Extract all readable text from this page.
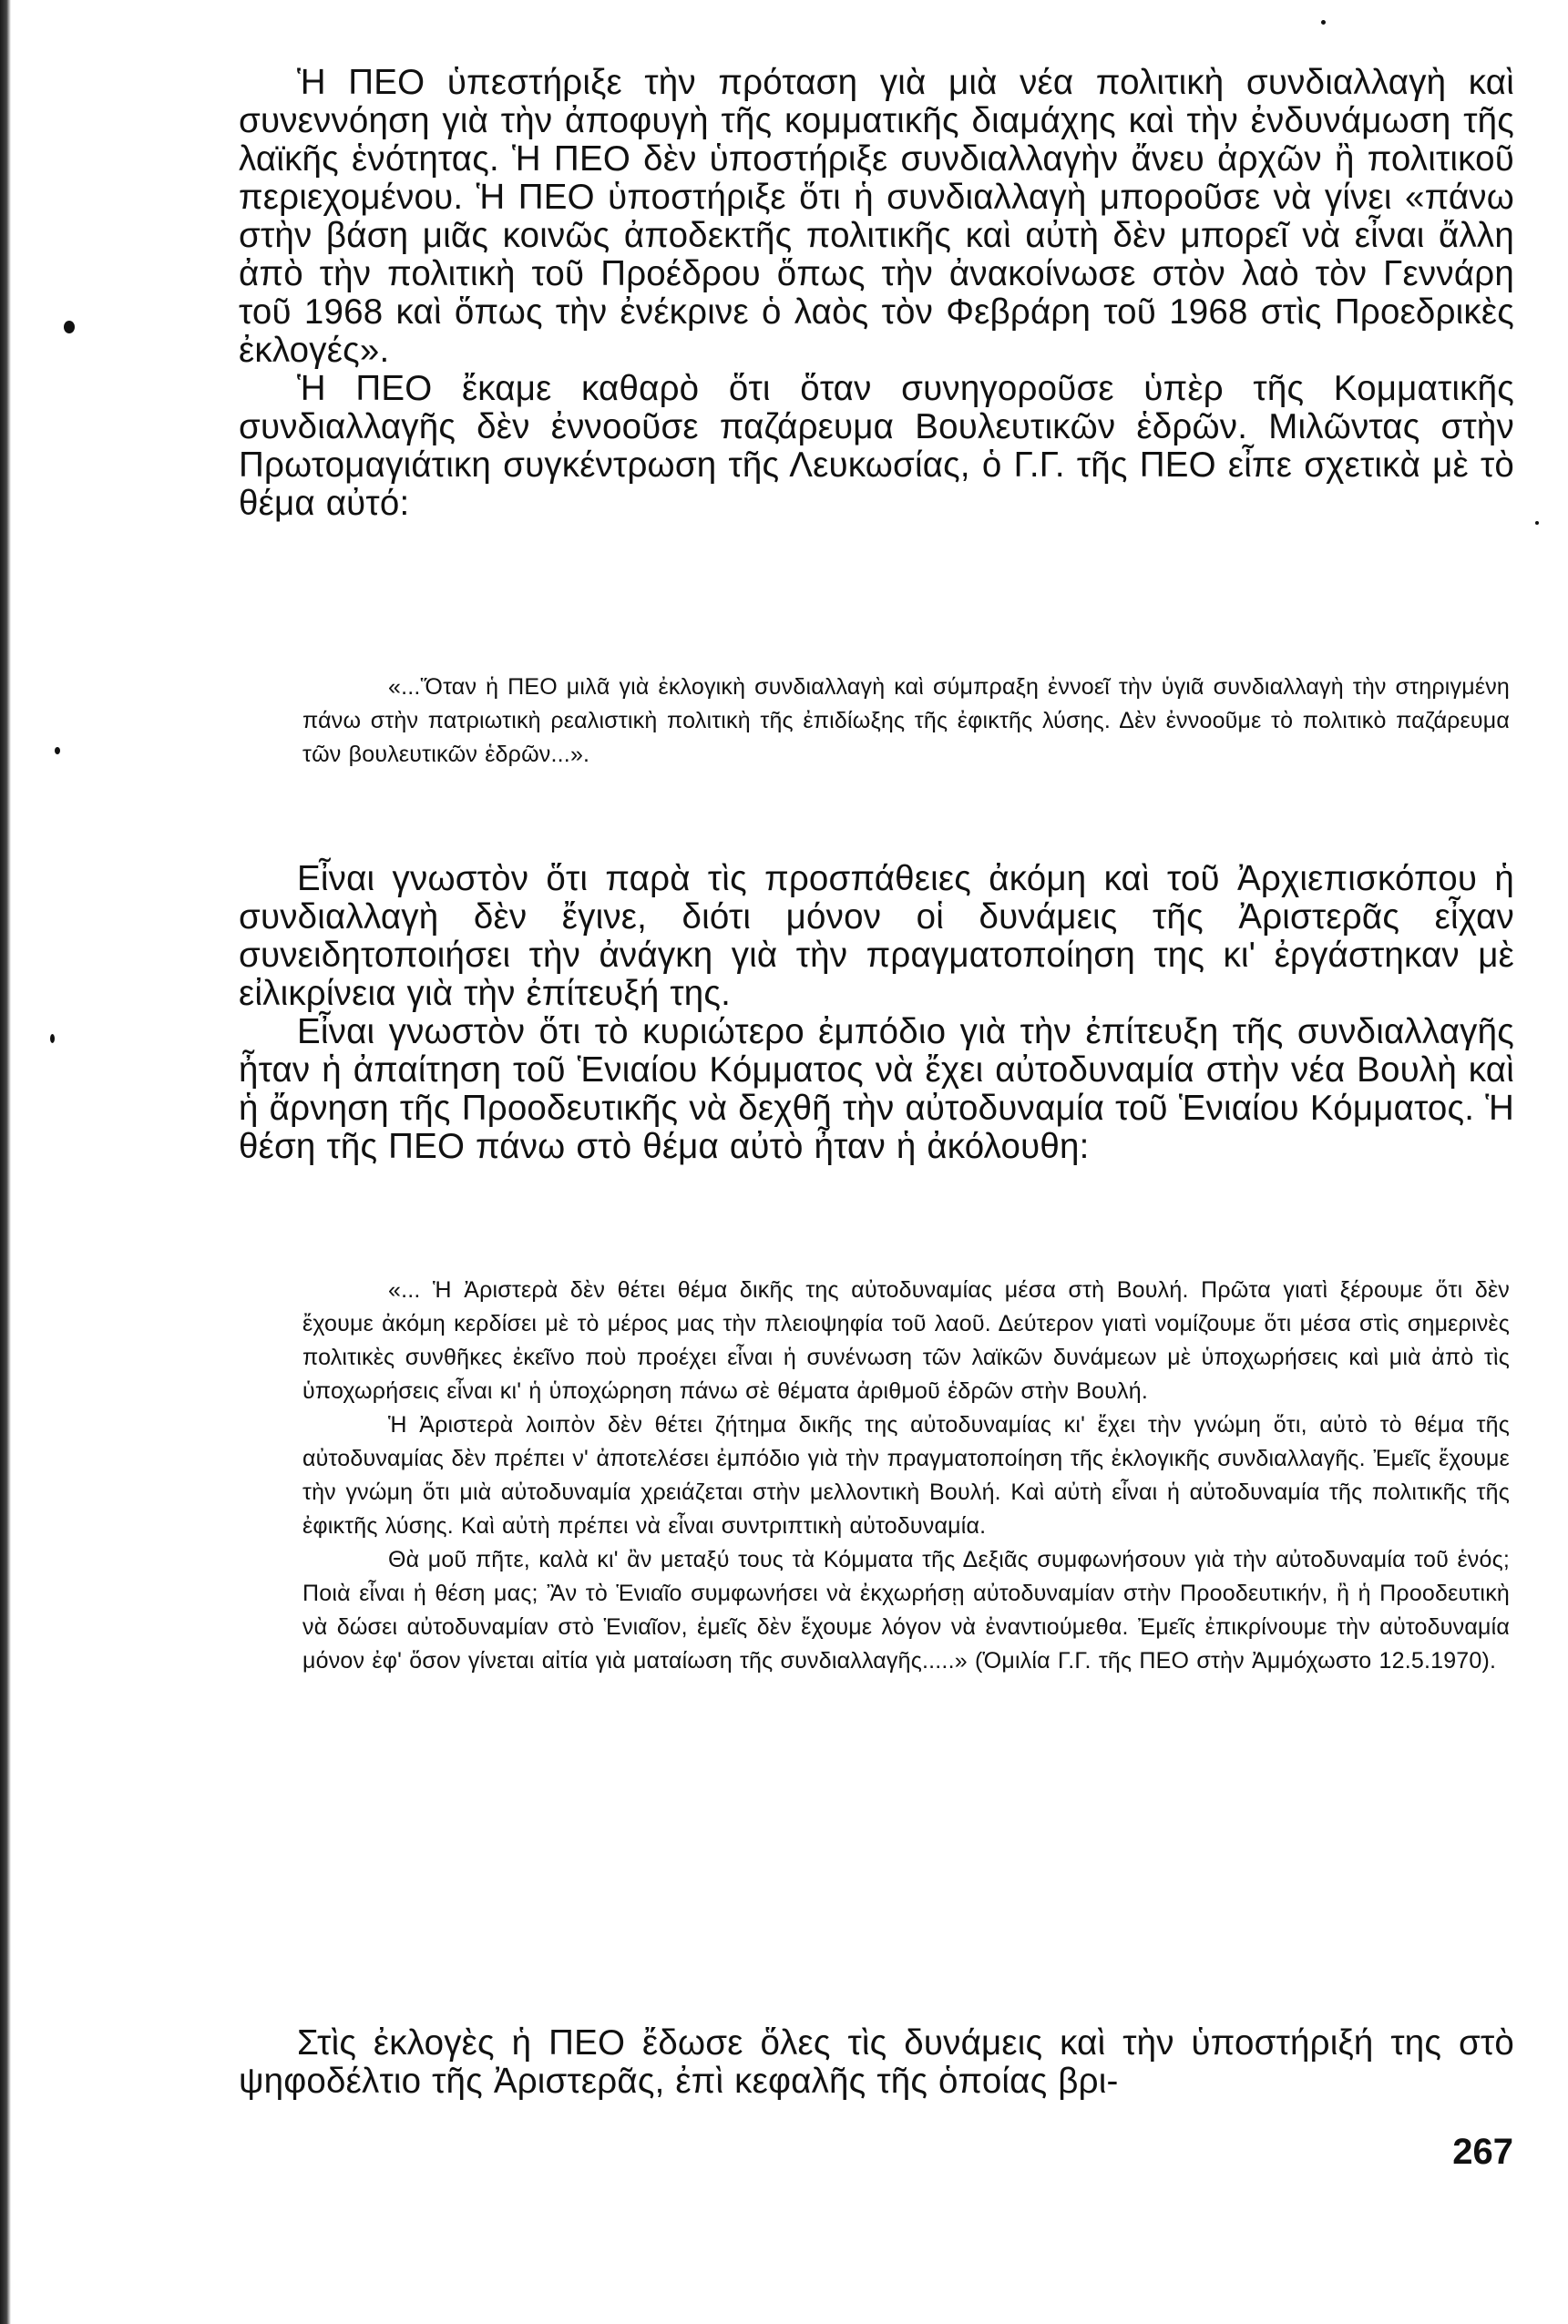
Ἡ ΠΕΟ ὑπεστήριξε τὴν πρόταση γιὰ μιὰ νέα πολιτικὴ συνδιαλλαγὴ καὶ συνεννόηση γιὰ τὴν ἀποφυγὴ τῆς κομματικῆς διαμάχης καὶ τὴν ἐνδυνάμωση τῆς λαϊκῆς ἑνότητας. Ἡ ΠΕΟ δὲν ὑποστήριξε συνδιαλλαγὴν ἄνευ ἀρχῶν ἢ πολιτικοῦ περιεχομένου. Ἡ ΠΕΟ ὑποστήριξε ὅτι ἡ συνδιαλλαγὴ μποροῦσε νὰ γίνει «πάνω στὴν βάση μιᾶς κοινῶς ἀποδεκτῆς πολιτικῆς καὶ αὐτὴ δὲν μπορεῖ νὰ εἶναι ἄλλη ἀπὸ τὴν πολιτικὴ τοῦ Προέδρου ὅπως τὴν ἀνακοίνωσε στὸν λαὸ τὸν Γεννάρη τοῦ 1968 καὶ ὅπως τὴν ἐνέκρινε ὁ λαὸς τὸν Φεβράρη τοῦ 1968 στὶς Προεδρικὲς ἐκλογές».

Ἡ ΠΕΟ ἔκαμε καθαρὸ ὅτι ὅταν συνηγοροῦσε ὑπὲρ τῆς Κομματικῆς συνδιαλλαγῆς δὲν ἐννοοῦσε παζάρευμα Βουλευτικῶν ἑδρῶν. Μιλῶντας στὴν Πρωτομαγιάτικη συγκέντρωση τῆς Λευκωσίας, ὁ Γ.Γ. τῆς ΠΕΟ εἶπε σχετικὰ μὲ τὸ θέμα αὐτό:

«...Ὅταν ἡ ΠΕΟ μιλᾶ γιὰ ἐκλογικὴ συνδιαλλαγὴ καὶ σύμπραξη ἐννοεῖ τὴν ὑγιᾶ συνδιαλλαγὴ τὴν στηριγμένη πάνω στὴν πατριωτικὴ ρεαλιστικὴ πολιτικὴ τῆς ἐπιδίωξης τῆς ἐφικτῆς λύσης. Δὲν ἐννοοῦμε τὸ πολιτικὸ παζάρευμα τῶν βουλευτικῶν ἑδρῶν...».

Εἶναι γνωστὸν ὅτι παρὰ τὶς προσπάθειες ἀκόμη καὶ τοῦ Ἀρχιεπισκόπου ἡ συνδιαλλαγὴ δὲν ἔγινε, διότι μόνον οἱ δυνάμεις τῆς Ἀριστερᾶς εἶχαν συνειδητοποιήσει τὴν ἀνάγκη γιὰ τὴν πραγματοποίηση της κι' ἐργάστηκαν μὲ εἰλικρίνεια γιὰ τὴν ἐπίτευξή της.

Εἶναι γνωστὸν ὅτι τὸ κυριώτερο ἐμπόδιο γιὰ τὴν ἐπίτευξη τῆς συνδιαλλαγῆς ἦταν ἡ ἀπαίτηση τοῦ Ἑνιαίου Κόμματος νὰ ἔχει αὐτοδυναμία στὴν νέα Βουλὴ καὶ ἡ ἄρνηση τῆς Προοδευτικῆς νὰ δεχθῆ τὴν αὐτοδυναμία τοῦ Ἑνιαίου Κόμματος. Ἡ θέση τῆς ΠΕΟ πάνω στὸ θέμα αὐτὸ ἦταν ἡ ἀκόλουθη:

«... Ἡ Ἀριστερὰ δὲν θέτει θέμα δικῆς της αὐτοδυναμίας μέσα στὴ Βουλή. Πρῶτα γιατὶ ξέρουμε ὅτι δὲν ἔχουμε ἀκόμη κερδίσει μὲ τὸ μέρος μας τὴν πλειοψηφία τοῦ λαοῦ. Δεύτερον γιατὶ νομίζουμε ὅτι μέσα στὶς σημερινὲς πολιτικὲς συνθῆκες ἐκεῖνο ποὺ προέχει εἶναι ἡ συνένωση τῶν λαϊκῶν δυνάμεων μὲ ὑποχωρήσεις καὶ μιὰ ἀπὸ τὶς ὑποχωρήσεις εἶναι κι' ἡ ὑποχώρηση πάνω σὲ θέματα ἀριθμοῦ ἑδρῶν στὴν Βουλή.

Ἡ Ἀριστερὰ λοιπὸν δὲν θέτει ζήτημα δικῆς της αὐτοδυναμίας κι' ἔχει τὴν γνώμη ὅτι, αὐτὸ τὸ θέμα τῆς αὐτοδυναμίας δὲν πρέπει ν' ἀποτελέσει ἐμπόδιο γιὰ τὴν πραγματοποίηση τῆς ἐκλογικῆς συνδιαλλαγῆς. Ἐμεῖς ἔχουμε τὴν γνώμη ὅτι μιὰ αὐτοδυναμία χρειάζεται στὴν μελλοντικὴ Βουλή. Καὶ αὐτὴ εἶναι ἡ αὐτοδυναμία τῆς πολιτικῆς τῆς ἐφικτῆς λύσης. Καὶ αὐτὴ πρέπει νὰ εἶναι συντριπτικὴ αὐτοδυναμία.

Θὰ μοῦ πῆτε, καλὰ κι' ἂν μεταξύ τους τὰ Κόμματα τῆς Δεξιᾶς συμφωνήσουν γιὰ τὴν αὐτοδυναμία τοῦ ἑνός; Ποιὰ εἶναι ἡ θέση μας; Ἂν τὸ Ἑνιαῖο συμφωνήσει νὰ ἐκχωρήσῃ αὐτοδυναμίαν στὴν Προοδευτικήν, ἢ ἡ Προοδευτικὴ νὰ δώσει αὐτοδυναμίαν στὸ Ἑνιαῖον, ἐμεῖς δὲν ἔχουμε λόγον νὰ ἐναντιούμεθα. Ἐμεῖς ἐπικρίνουμε τὴν αὐτοδυναμία μόνον ἐφ' ὅσον γίνεται αἰτία γιὰ ματαίωση τῆς συνδιαλλαγῆς.....» (Ὁμιλία Γ.Γ. τῆς ΠΕΟ στὴν Ἀμμόχωστο 12.5.1970).

Στὶς ἐκλογὲς ἡ ΠΕΟ ἔδωσε ὅλες τὶς δυνάμεις καὶ τὴν ὑποστήριξή της στὸ ψηφοδέλτιο τῆς Ἀριστερᾶς, ἐπὶ κεφαλῆς τῆς ὁποίας βρι-

267
